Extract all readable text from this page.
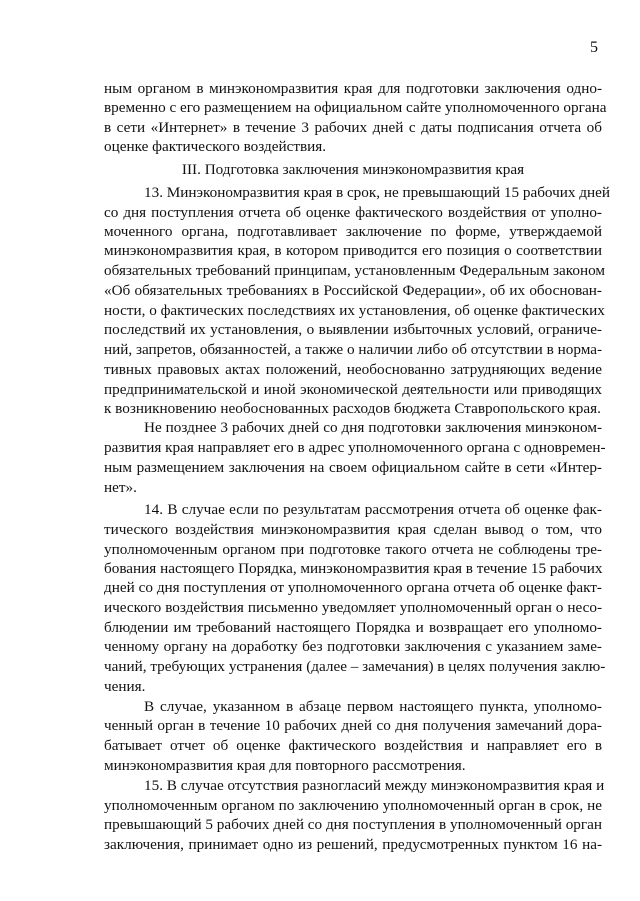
5
ным органом в минэкономразвития края для подготовки заключения одно-
временно с его размещением на официальном сайте уполномоченного органа
в сети «Интернет» в течение 3 рабочих дней с даты подписания отчета об
оценке фактического воздействия.
III. Подготовка заключения минэкономразвития края
13. Минэкономразвития края в срок, не превышающий 15 рабочих дней
со дня поступления отчета об оценке фактического воздействия от уполно-
моченного органа, подготавливает заключение по форме, утверждаемой
минэкономразвития края, в котором приводится его позиция о соответствии
обязательных требований принципам, установленным Федеральным законом
«Об обязательных требованиях в Российской Федерации», об их обоснован-
ности, о фактических последствиях их установления, об оценке фактических
последствий их установления, о выявлении избыточных условий, ограниче-
ний, запретов, обязанностей, а также о наличии либо об отсутствии в норма-
тивных правовых актах положений, необоснованно затрудняющих ведение
предпринимательской и иной экономической деятельности или приводящих
к возникновению необоснованных расходов бюджета Ставропольского края.
Не позднее 3 рабочих дней со дня подготовки заключения минэконом-
развития края направляет его в адрес уполномоченного органа с одновремен-
ным размещением заключения на своем официальном сайте в сети «Интер-
нет».
14. В случае если по результатам рассмотрения отчета об оценке фак-
тического воздействия минэкономразвития края сделан вывод о том, что
уполномоченным органом при подготовке такого отчета не соблюдены тре-
бования настоящего Порядка, минэкономразвития края в течение 15 рабочих
дней со дня поступления от уполномоченного органа отчета об оценке факт-
ического воздействия письменно уведомляет уполномоченный орган о несо-
блюдении им требований настоящего Порядка и возвращает его уполномо-
ченному органу на доработку без подготовки заключения с указанием заме-
чаний, требующих устранения (далее – замечания) в целях получения заклю-
чения.
В случае, указанном в абзаце первом настоящего пункта, уполномо-
ченный орган в течение 10 рабочих дней со дня получения замечаний дора-
батывает отчет об оценке фактического воздействия и направляет его в
минэкономразвития края для повторного рассмотрения.
15. В случае отсутствия разногласий между минэкономразвития края и
уполномоченным органом по заключению уполномоченный орган в срок, не
превышающий 5 рабочих дней со дня поступления в уполномоченный орган
заключения, принимает одно из решений, предусмотренных пунктом 16 на-
